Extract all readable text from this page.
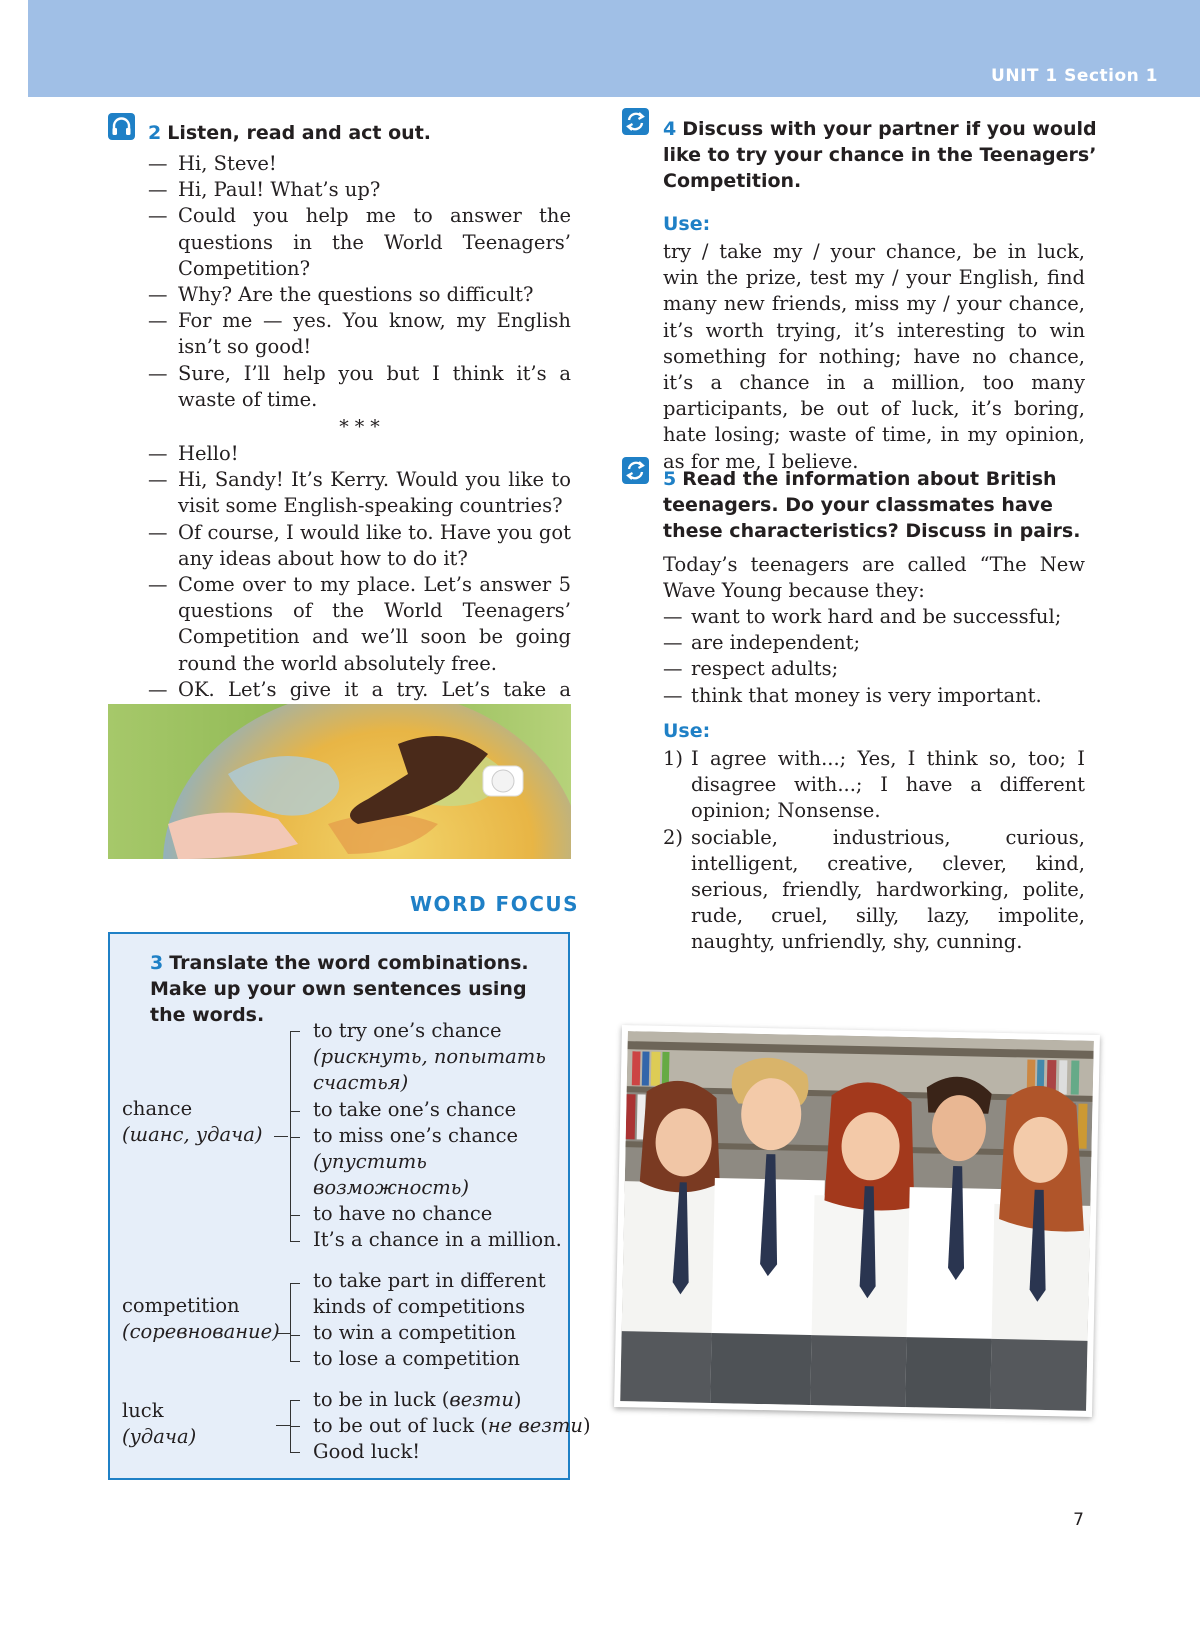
UNIT 1 Section 1
2 Listen, read and act out.
— Hi, Steve!
— Hi, Paul! What’s up?
— Could you help me to answer the questions in the World Teenagers’ Competition?
— Why? Are the questions so difficult?
— For me — yes. You know, my English isn’t so good!
— Sure, I’ll help you but I think it’s a waste of time.
* * *
— Hello!
— Hi, Sandy! It’s Kerry. Would you like to visit some English-speaking countries?
— Of course, I would like to. Have you got any ideas about how to do it?
— Come over to my place. Let’s answer 5 questions of the World Teenagers’ Competition and we’ll soon be going round the world absolutely free.
— OK. Let’s give it a try. Let’s take a
WORD FOCUS
3 Translate the word combinations. Make up your own sentences using the words.
chance
(шанс, удача)
to try one’s chance
(рискнуть, попытать
счастья)
to take one’s chance
to miss one’s chance
(упустить
возможность)
to have no chance
It’s a chance in a million.
competition
(соревнование)
to take part in different
kinds of competitions
to win a competition
to lose a competition
luck
(удача)
to be in luck (везти)
to be out of luck (не везти)
Good luck!
4 Discuss with your partner if you would like to try your chance in the Teenagers’ Competition.
Use:
try / take my / your chance, be in luck, win the prize, test my / your English, find many new friends, miss my / your chance, it’s worth trying, it’s interesting to win something for nothing; have no chance, it’s a chance in a million, too many participants, be out of luck, it’s boring, hate losing; waste of time, in my opinion, as for me, I believe.
5 Read the information about British teenagers. Do your classmates have these characteristics? Discuss in pairs.
Today’s teenagers are called “The New Wave Young because they:
— want to work hard and be successful;
— are independent;
— respect adults;
— think that money is very important.
Use:
1) I agree with...; Yes, I think so, too; I disagree with...; I have a different opinion; Nonsense.
2) sociable, industrious, curious, intelligent, creative, clever, kind, serious, friendly, hardworking, polite, rude, cruel, silly, lazy, impolite, naughty, unfriendly, shy, cunning.
7
